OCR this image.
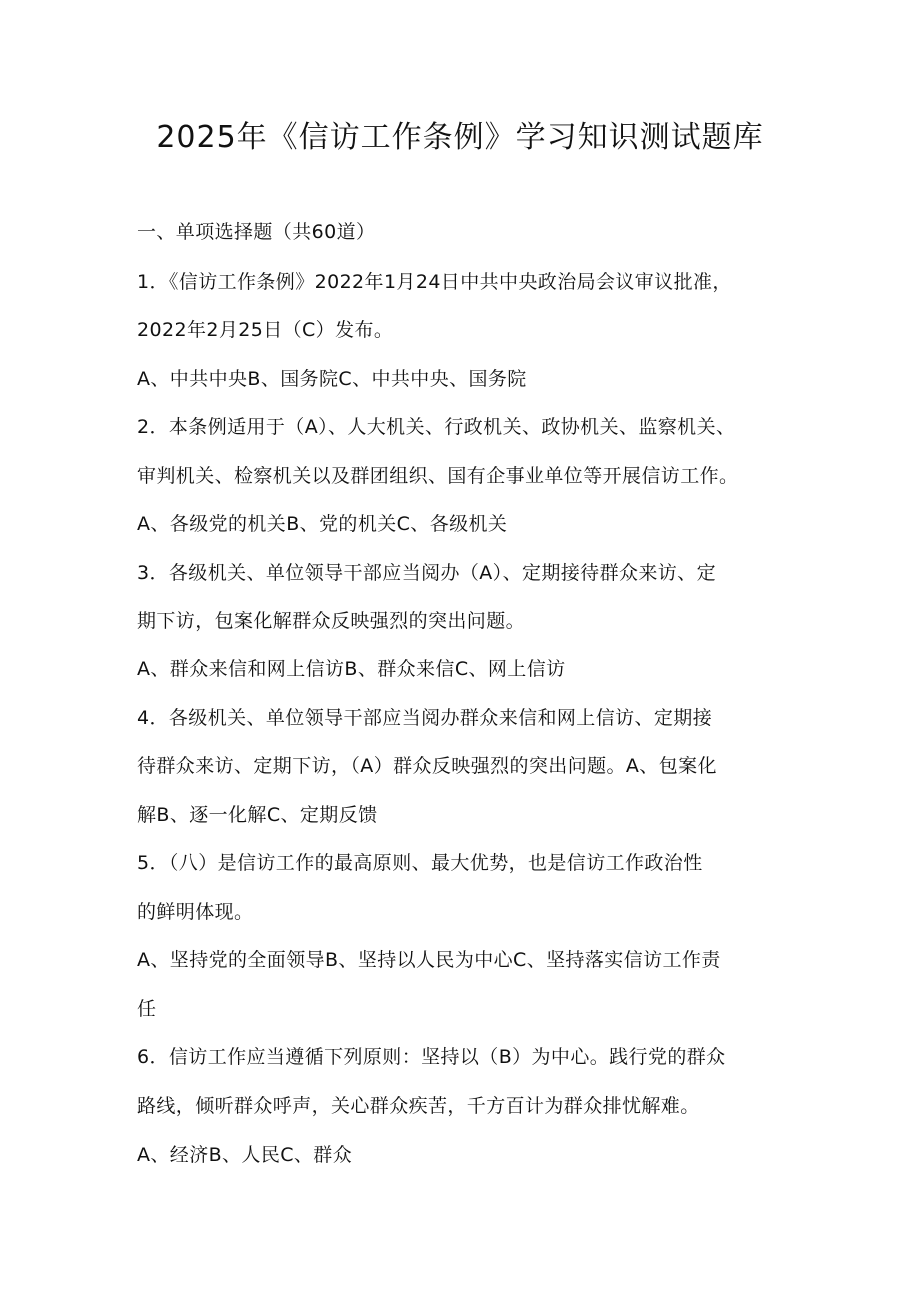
2025年《信访工作条例》学习知识测试题库
一、单项选择题（共60道）
1．《信访工作条例》2022年1月24日中共中央政治局会议审议批准，
2022年2月25日（C）发布。
A、中共中央B、国务院C、中共中央、国务院
2．本条例适用于（A）、人大机关、行政机关、政协机关、监察机关、
审判机关、检察机关以及群团组织、国有企事业单位等开展信访工作。
A、各级党的机关B、党的机关C、各级机关
3．各级机关、单位领导干部应当阅办（A）、定期接待群众来访、定
期下访，包案化解群众反映强烈的突出问题。
A、群众来信和网上信访B、群众来信C、网上信访
4．各级机关、单位领导干部应当阅办群众来信和网上信访、定期接
待群众来访、定期下访，（A）群众反映强烈的突出问题。A、包案化
解B、逐一化解C、定期反馈
5．（八）是信访工作的最高原则、最大优势，也是信访工作政治性
的鲜明体现。
A、坚持党的全面领导B、坚持以人民为中心C、坚持落实信访工作责
任
6．信访工作应当遵循下列原则：坚持以（B）为中心。践行党的群众
路线，倾听群众呼声，关心群众疾苦，千方百计为群众排忧解难。
A、经济B、人民C、群众
